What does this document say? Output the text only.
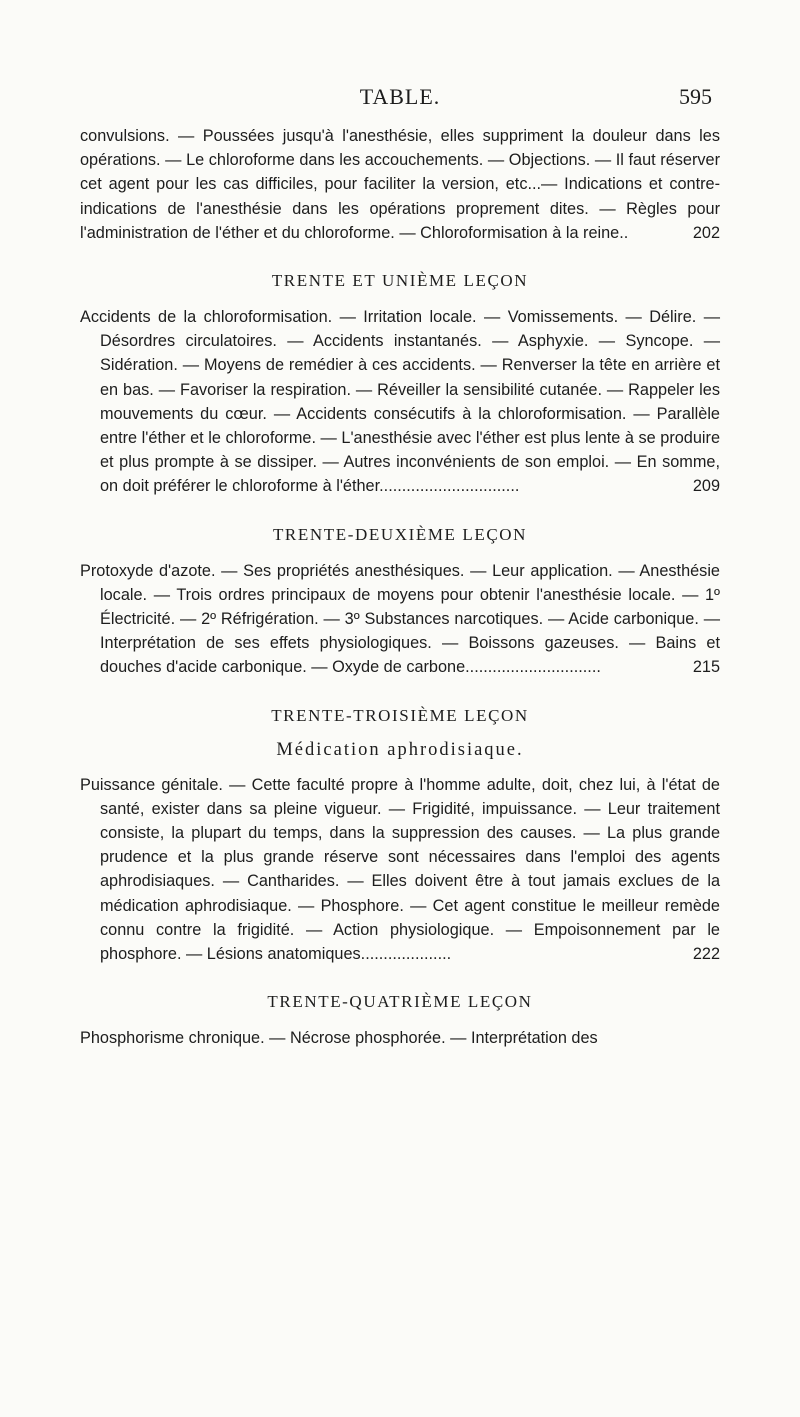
TABLE.	595

convulsions. — Poussées jusqu'à l'anesthésie, elles suppriment la douleur dans les opérations. — Le chloroforme dans les accouchements. — Objections. — Il faut réserver cet agent pour les cas difficiles, pour faciliter la version, etc...— Indications et contre-indications de l'anesthésie dans les opérations proprement dites. — Règles pour l'administration de l'éther et du chloroforme. — Chloroformisation à la reine..	202

TRENTE ET UNIÈME LEÇON

Accidents de la chloroformisation. — Irritation locale. — Vomissements. — Délire. — Désordres circulatoires. — Accidents instantanés. — Asphyxie. — Syncope. — Sidération. — Moyens de remédier à ces accidents. — Renverser la tête en arrière et en bas. — Favoriser la respiration. — Réveiller la sensibilité cutanée. — Rappeler les mouvements du cœur. — Accidents consécutifs à la chloroformisation. — Parallèle entre l'éther et le chloroforme. — L'anesthésie avec l'éther est plus lente à se produire et plus prompte à se dissiper. — Autres inconvénients de son emploi. — En somme, on doit préférer le chloroforme à l'éther...............................	209

TRENTE-DEUXIÈME LEÇON

Protoxyde d'azote. — Ses propriétés anesthésiques. — Leur application. — Anesthésie locale. — Trois ordres principaux de moyens pour obtenir l'anesthésie locale. — 1º Électricité. — 2º Réfrigération. — 3º Substances narcotiques. — Acide carbonique. — Interprétation de ses effets physiologiques. — Boissons gazeuses. — Bains et douches d'acide carbonique. — Oxyde de carbone..............................	215

TRENTE-TROISIÈME LEÇON
Médication aphrodisiaque.

Puissance génitale. — Cette faculté propre à l'homme adulte, doit, chez lui, à l'état de santé, exister dans sa pleine vigueur. — Frigidité, impuissance. — Leur traitement consiste, la plupart du temps, dans la suppression des causes. — La plus grande prudence et la plus grande réserve sont nécessaires dans l'emploi des agents aphrodisiaques. — Cantharides. — Elles doivent être à tout jamais exclues de la médication aphrodisiaque. — Phosphore. — Cet agent constitue le meilleur remède connu contre la frigidité. — Action physiologique. — Empoisonnement par le phosphore. — Lésions anatomiques....................	222

TRENTE-QUATRIÈME LEÇON

Phosphorisme chronique. — Nécrose phosphorée. — Interprétation des
